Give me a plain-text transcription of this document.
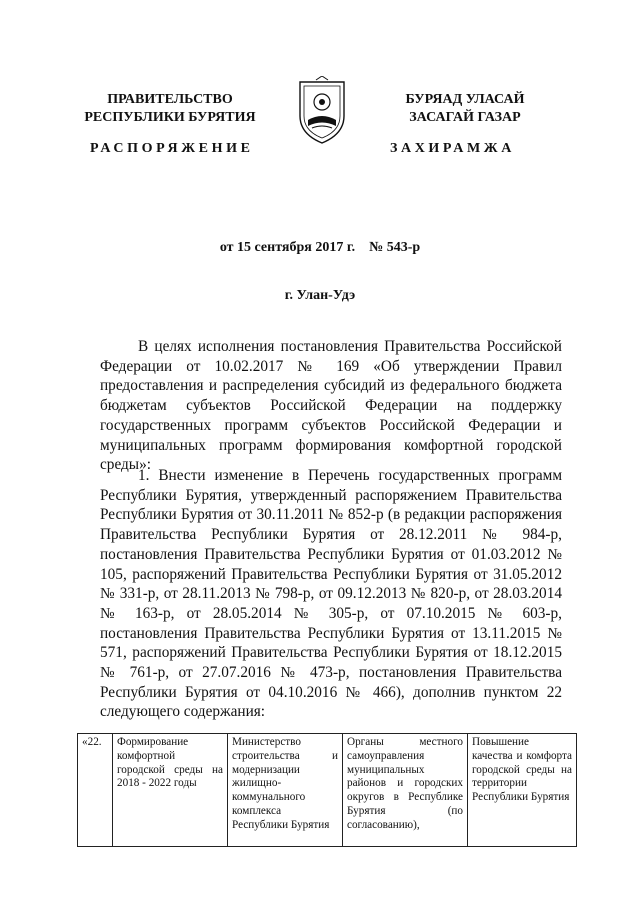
ПРАВИТЕЛЬСТВО
РЕСПУБЛИКИ БУРЯТИЯ
БУРЯАД УЛАСАЙ
ЗАСАГАЙ ГАЗАР
РАСПОРЯЖЕНИЕ	ЗАХИРАМЖА
от 15 сентября 2017 г.    № 543-р
г. Улан-Удэ

В целях исполнения постановления Правительства Российской Федерации от 10.02.2017 № 169 «Об утверждении Правил предоставления и распределения субсидий из федерального бюджета бюджетам субъектов Российской Федерации на поддержку государственных программ субъектов Российской Федерации и муниципальных программ формирования комфортной городской среды»:

1. Внести изменение в Перечень государственных программ Республики Бурятия, утвержденный распоряжением Правительства Республики Бурятия от 30.11.2011 № 852-р (в редакции распоряжения Правительства Республики Бурятия от 28.12.2011 № 984-р, постановления Правительства Республики Бурятия от 01.03.2012 № 105, распоряжений Правительства Республики Бурятия от 31.05.2012 № 331-р, от 28.11.2013 № 798-р, от 09.12.2013 № 820-р, от 28.03.2014 № 163-р, от 28.05.2014 № 305-р, от 07.10.2015 № 603-р, постановления Правительства Республики Бурятия от 13.11.2015 № 571, распоряжений Правительства Республики Бурятия от 18.12.2015 № 761-р, от 27.07.2016 № 473-р, постановления Правительства Республики Бурятия от 04.10.2016 № 466), дополнив пунктом 22 следующего содержания:

«22.	Формирование комфортной городской среды на 2018 - 2022 годы	Министерство строительства и модернизации жилищно-коммунального комплекса Республики Бурятия	Органы местного самоуправления муниципальных районов и городских округов в Республике Бурятия (по согласованию),	Повышение качества и комфорта городской среды на территории Республики Бурятия
